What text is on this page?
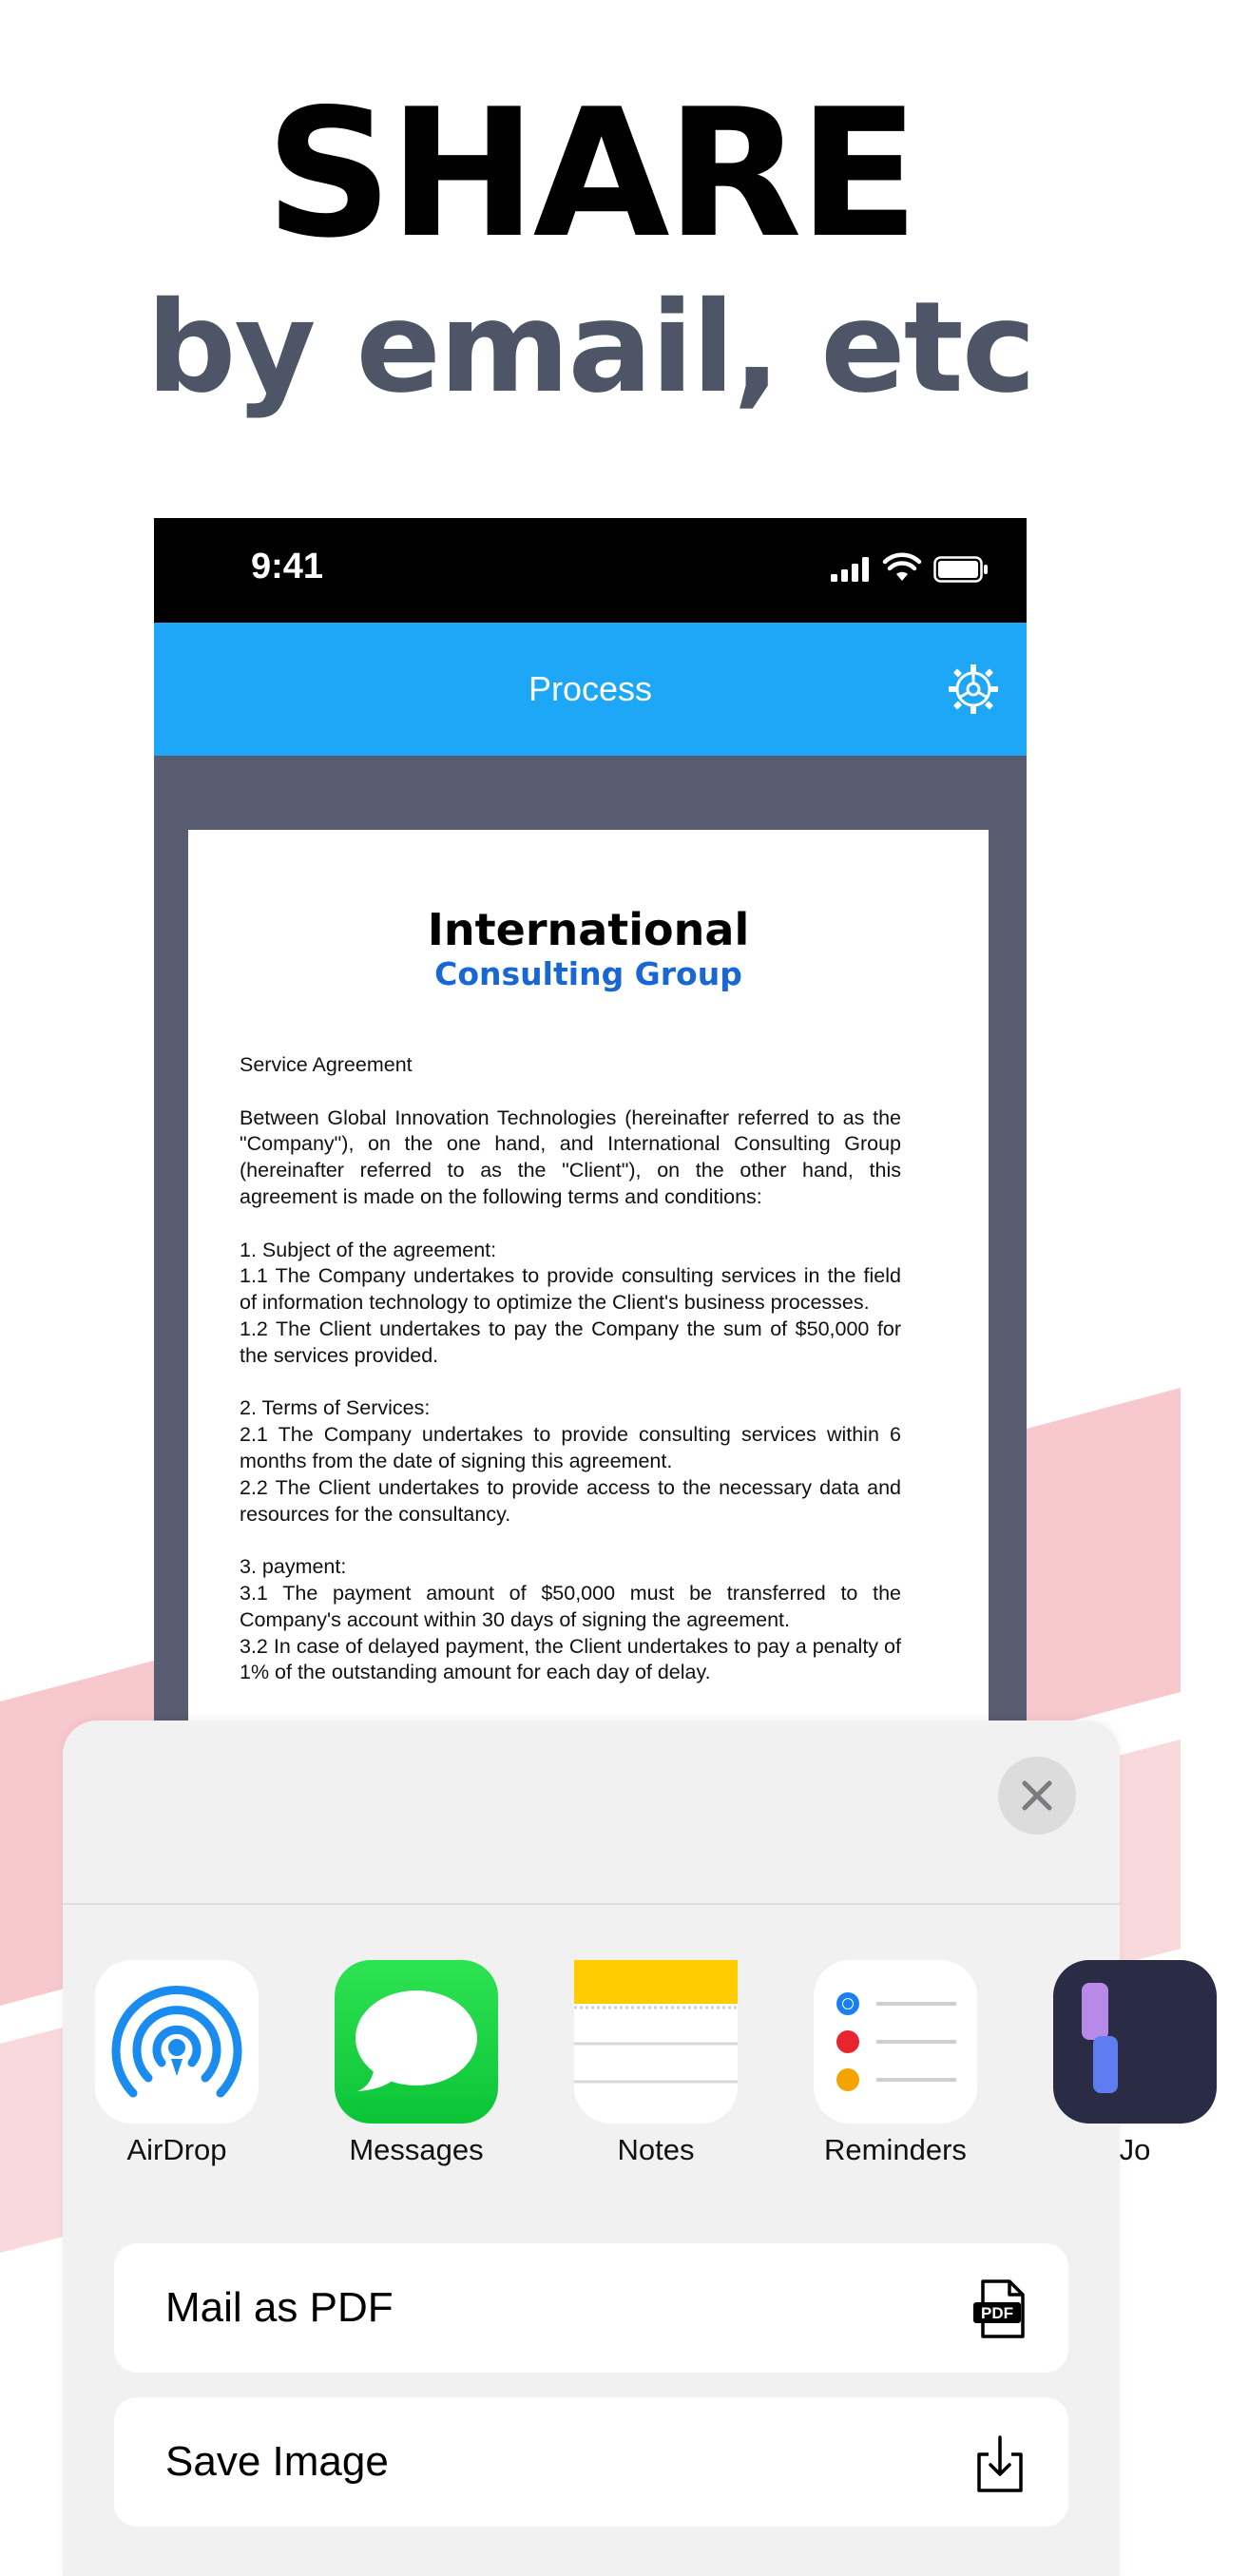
SHARE
by email, etc
9:41
Process
International
Consulting Group

Service Agreement

Between Global Innovation Technologies (hereinafter referred to as the "Company"), on the one hand, and International Consulting Group (hereinafter referred to as the "Client"), on the other hand, this agreement is made on the following terms and conditions:

1. Subject of the agreement:
1.1 The Company undertakes to provide consulting services in the field of information technology to optimize the Client's business processes.
1.2 The Client undertakes to pay the Company the sum of $50,000 for the services provided.

2. Terms of Services:
2.1 The Company undertakes to provide consulting services within 6 months from the date of signing this agreement.
2.2 The Client undertakes to provide access to the necessary data and resources for the consultancy.

3. payment:
3.1 The payment amount of $50,000 must be transferred to the Company's account within 30 days of signing the agreement.
3.2 In case of delayed payment, the Client undertakes to pay a penalty of 1% of the outstanding amount for each day of delay.

AirDrop	Messages	Notes	Reminders	Jo
Mail as PDF	PDF
Save Image
